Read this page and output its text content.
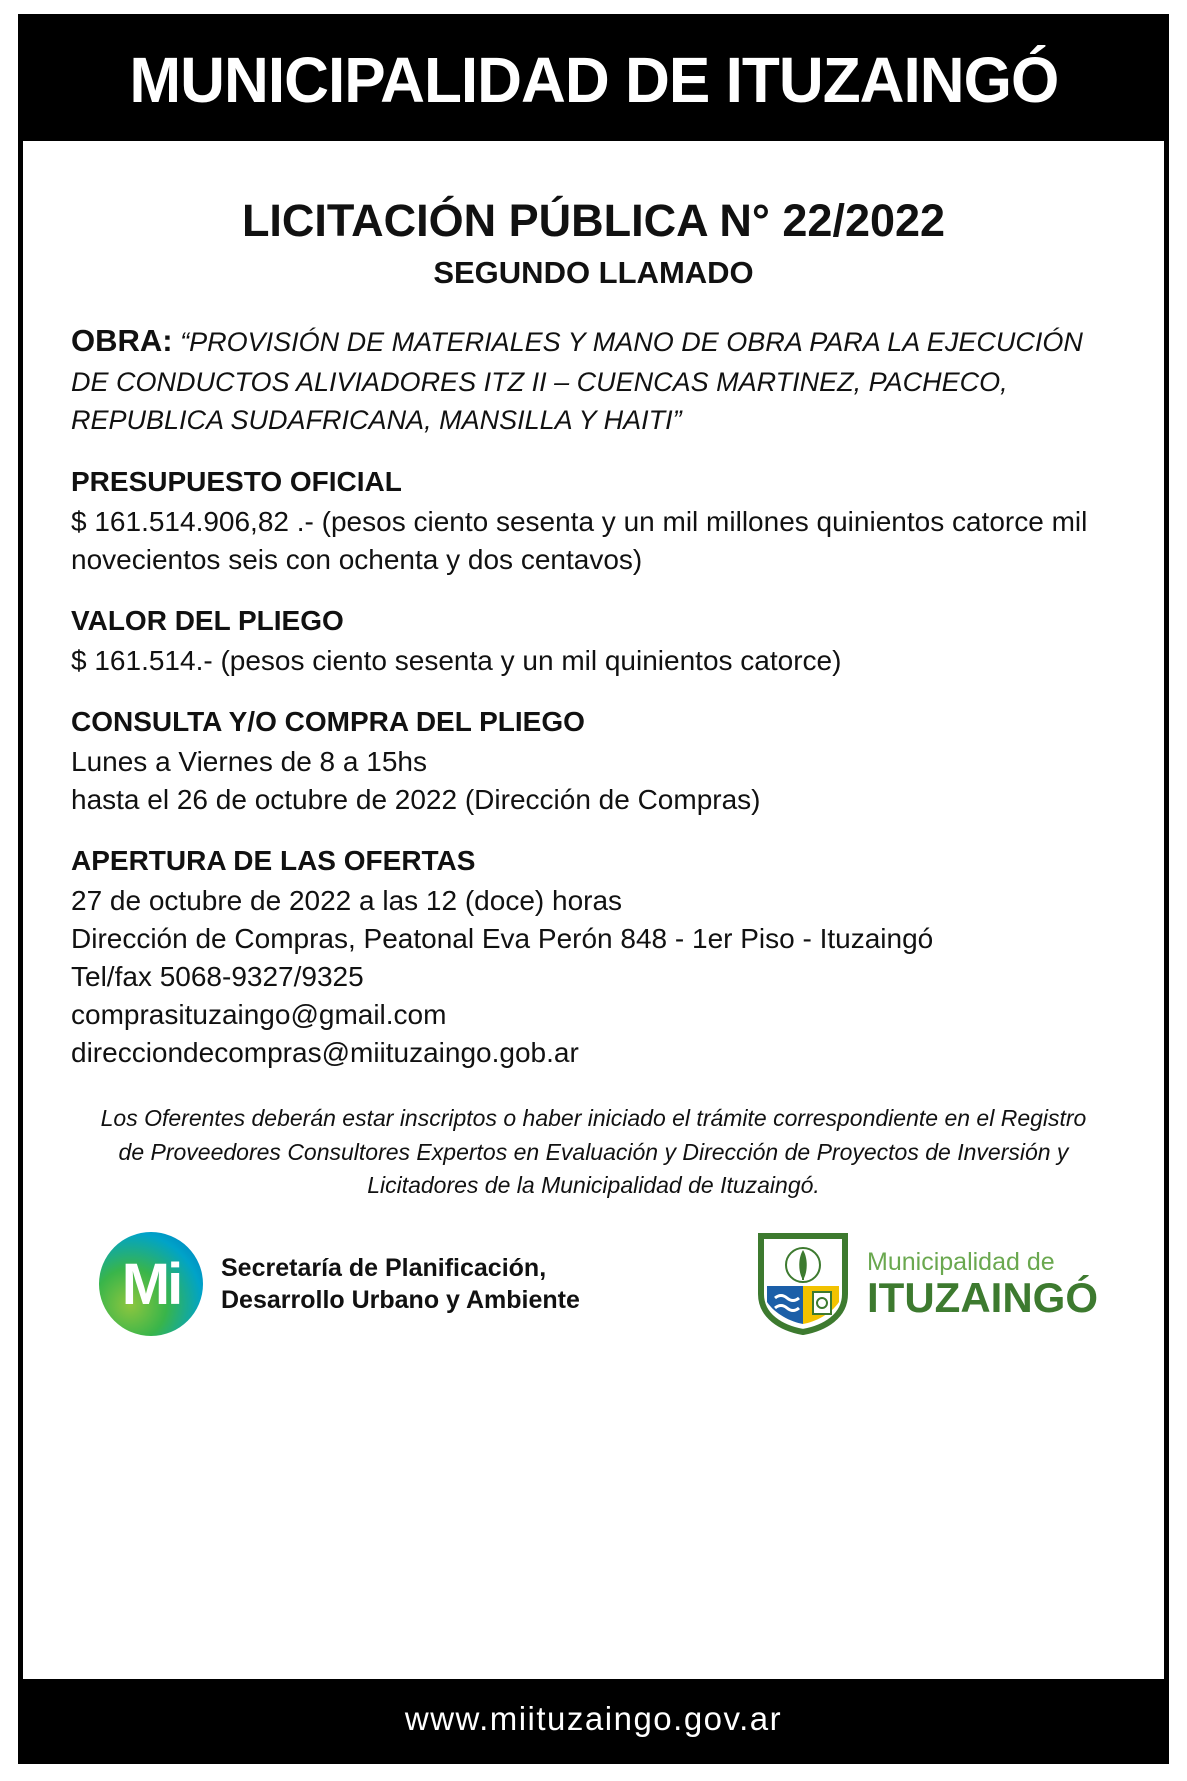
MUNICIPALIDAD DE ITUZAINGÓ
LICITACIÓN PÚBLICA N° 22/2022
SEGUNDO LLAMADO
OBRA: “PROVISIÓN DE MATERIALES Y MANO DE OBRA PARA LA EJECUCIÓN DE CONDUCTOS ALIVIADORES ITZ II – CUENCAS MARTINEZ, PACHECO, REPUBLICA SUDAFRICANA, MANSILLA Y HAITI”
PRESUPUESTO OFICIAL
$ 161.514.906,82 .- (pesos ciento sesenta y un mil millones quinientos catorce mil novecientos seis con ochenta y dos centavos)
VALOR DEL PLIEGO
$ 161.514.- (pesos ciento sesenta y un mil quinientos catorce)
CONSULTA Y/O COMPRA DEL PLIEGO
Lunes a Viernes de 8 a 15hs
hasta el 26 de octubre de 2022 (Dirección de Compras)
APERTURA DE LAS OFERTAS
27 de octubre de 2022 a las 12 (doce) horas
Dirección de Compras, Peatonal Eva Perón 848 - 1er Piso - Ituzaingó
Tel/fax 5068-9327/9325
comprasituzaingo@gmail.com
direcciondecompras@miituzaingo.gob.ar
Los Oferentes deberán estar inscriptos o haber iniciado el trámite correspondiente en el Registro de Proveedores Consultores Expertos en Evaluación y Dirección de Proyectos de Inversión y Licitadores de la Municipalidad de Ituzaingó.
Mi	Secretaría de Planificación,
Desarrollo Urbano y Ambiente
Municipalidad de
ITUZAINGÓ
www.miituzaingo.gov.ar
